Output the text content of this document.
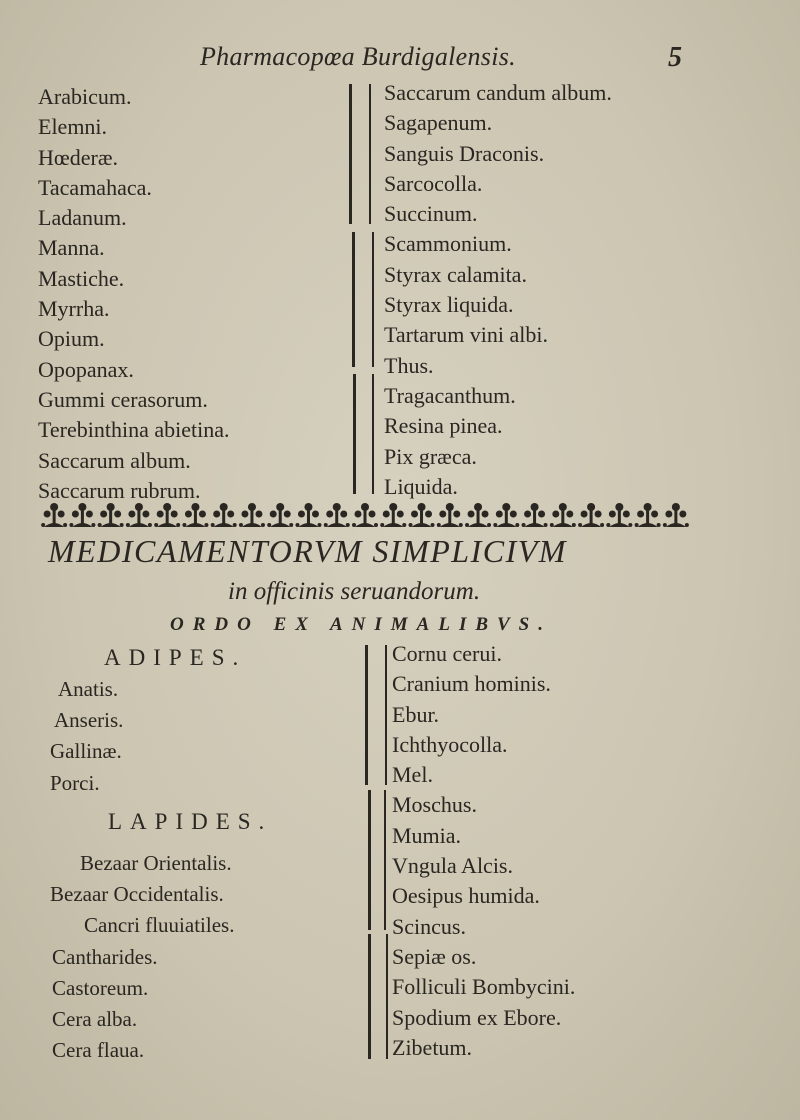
Pharmacopœa Burdigalensis.	5
Arabicum.
Elemni.
Hœderæ.
Tacamahaca.
Ladanum.
Manna.
Mastiche.
Myrrha.
Opium.
Opopanax.
Gummi cerasorum.
Terebinthina abietina.
Saccarum album.
Saccarum rubrum.
Saccarum candum album.
Sagapenum.
Sanguis Draconis.
Sarcocolla.
Succinum.
Scammonium.
Styrax calamita.
Styrax liquida.
Tartarum vini albi.
Thus.
Tragacanthum.
Resina pinea.
Pix græca.
Liquida.
MEDICAMENTORVM SIMPLICIVM
in officinis seruandorum.
ORDO EX ANIMALIBVS.
ADIPES.
Anatis.
Anseris.
Gallinæ.
Porci.
LAPIDES.
Bezaar Orientalis.
Bezaar Occidentalis.
Cancri fluuiatiles.
Cantharides.
Castoreum.
Cera alba.
Cera flaua.
Cornu cerui.
Cranium hominis.
Ebur.
Ichthyocolla.
Mel.
Moschus.
Mumia.
Vngula Alcis.
Oesipus humida.
Scincus.
Sepiæ os.
Folliculi Bombycini.
Spodium ex Ebore.
Zibetum.
